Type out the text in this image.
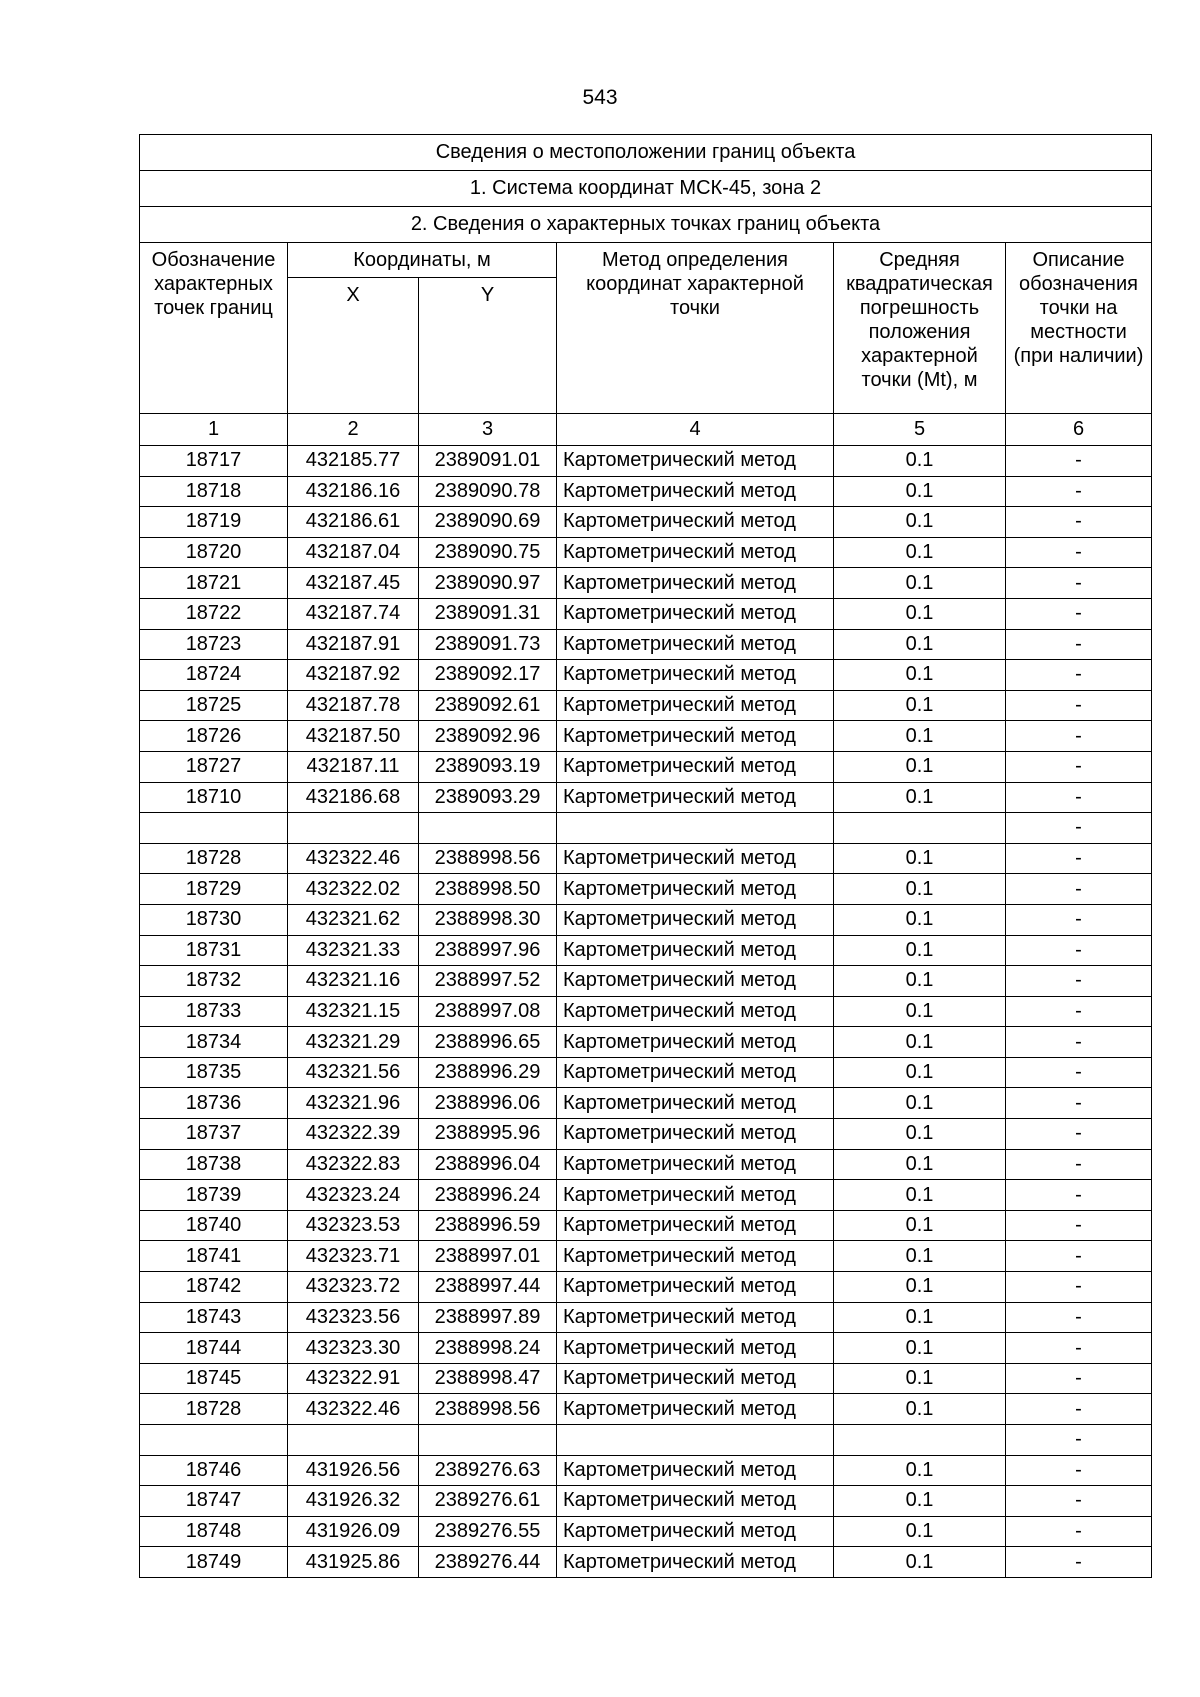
543
Сведения о местоположении границ объекта					
1. Система координат МСК-45, зона 2					
2. Сведения о характерных точках границ объекта					
Обозначение характерных точек границ	Координаты, м		Метод определения координат характерной точки	Средняя квадратическая погрешность положения характерной точки (Mt), м	Описание обозначения точки на местности (при наличии)
	X	Y			
1	2	3	4	5	6
18717	432185.77	2389091.01	Картометрический метод	0.1	-
18718	432186.16	2389090.78	Картометрический метод	0.1	-
18719	432186.61	2389090.69	Картометрический метод	0.1	-
18720	432187.04	2389090.75	Картометрический метод	0.1	-
18721	432187.45	2389090.97	Картометрический метод	0.1	-
18722	432187.74	2389091.31	Картометрический метод	0.1	-
18723	432187.91	2389091.73	Картометрический метод	0.1	-
18724	432187.92	2389092.17	Картометрический метод	0.1	-
18725	432187.78	2389092.61	Картометрический метод	0.1	-
18726	432187.50	2389092.96	Картометрический метод	0.1	-
18727	432187.11	2389093.19	Картометрический метод	0.1	-
18710	432186.68	2389093.29	Картометрический метод	0.1	-
					-
18728	432322.46	2388998.56	Картометрический метод	0.1	-
18729	432322.02	2388998.50	Картометрический метод	0.1	-
18730	432321.62	2388998.30	Картометрический метод	0.1	-
18731	432321.33	2388997.96	Картометрический метод	0.1	-
18732	432321.16	2388997.52	Картометрический метод	0.1	-
18733	432321.15	2388997.08	Картометрический метод	0.1	-
18734	432321.29	2388996.65	Картометрический метод	0.1	-
18735	432321.56	2388996.29	Картометрический метод	0.1	-
18736	432321.96	2388996.06	Картометрический метод	0.1	-
18737	432322.39	2388995.96	Картометрический метод	0.1	-
18738	432322.83	2388996.04	Картометрический метод	0.1	-
18739	432323.24	2388996.24	Картометрический метод	0.1	-
18740	432323.53	2388996.59	Картометрический метод	0.1	-
18741	432323.71	2388997.01	Картометрический метод	0.1	-
18742	432323.72	2388997.44	Картометрический метод	0.1	-
18743	432323.56	2388997.89	Картометрический метод	0.1	-
18744	432323.30	2388998.24	Картометрический метод	0.1	-
18745	432322.91	2388998.47	Картометрический метод	0.1	-
18728	432322.46	2388998.56	Картометрический метод	0.1	-
					-
18746	431926.56	2389276.63	Картометрический метод	0.1	-
18747	431926.32	2389276.61	Картометрический метод	0.1	-
18748	431926.09	2389276.55	Картометрический метод	0.1	-
18749	431925.86	2389276.44	Картометрический метод	0.1	-
